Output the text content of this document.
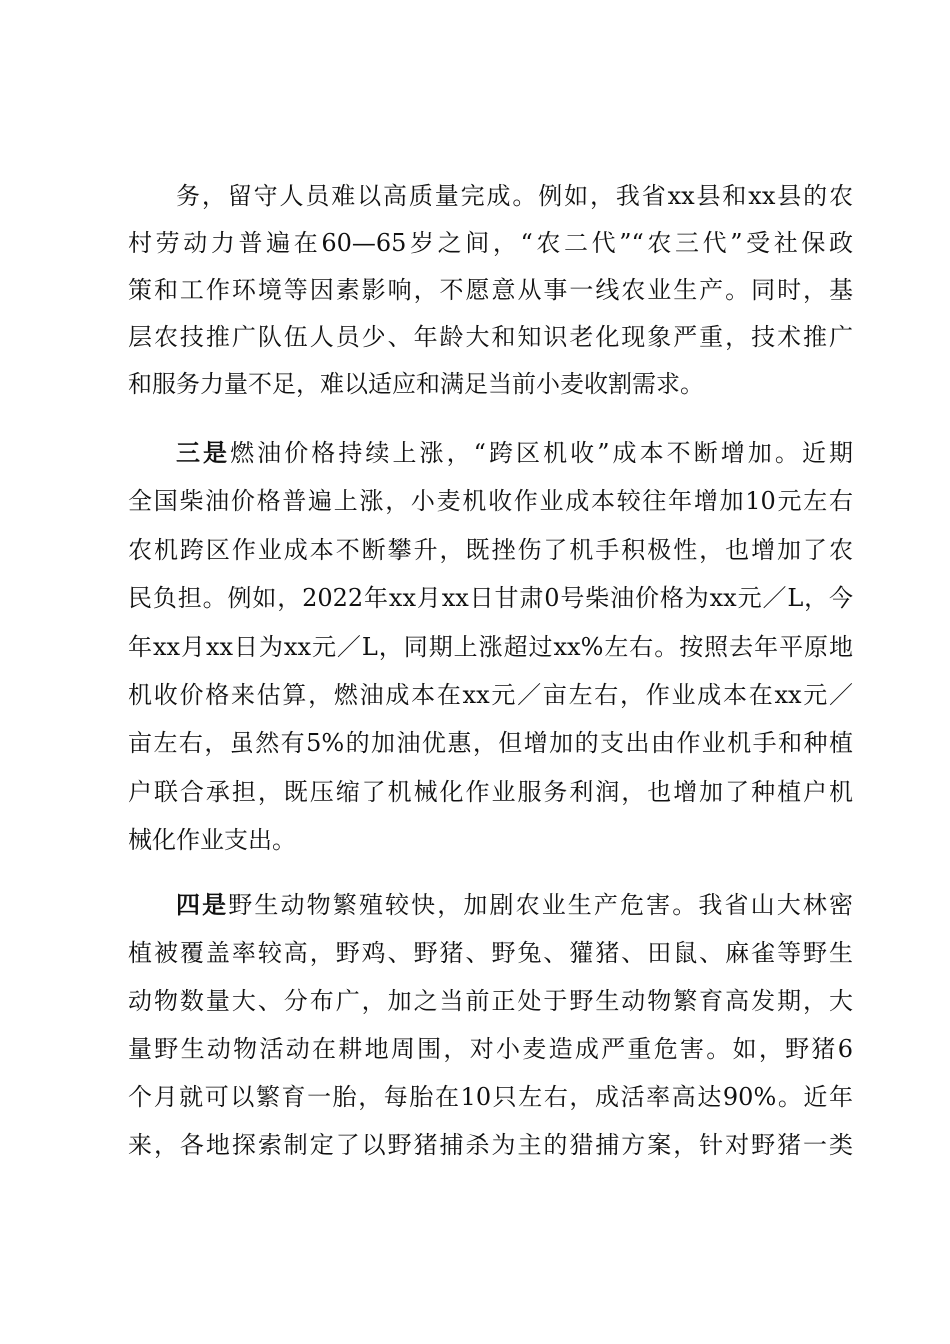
务，留守人员难以高质量完成。例如，我省xx县和xx县的农
村劳动力普遍在60—65岁之间，“农二代”“农三代”受社保政
策和工作环境等因素影响，不愿意从事一线农业生产。同时，基
层农技推广队伍人员少、年龄大和知识老化现象严重，技术推广
和服务力量不足，难以适应和满足当前小麦收割需求。
三是燃油价格持续上涨，“跨区机收”成本不断增加。近期
全国柴油价格普遍上涨，小麦机收作业成本较往年增加10元左右
农机跨区作业成本不断攀升，既挫伤了机手积极性，也增加了农
民负担。例如，2022年xx月xx日甘肃0号柴油价格为xx元／L，今
年xx月xx日为xx元／L，同期上涨超过xx%左右。按照去年平原地
机收价格来估算，燃油成本在xx元／亩左右，作业成本在xx元／
亩左右，虽然有5%的加油优惠，但增加的支出由作业机手和种植
户联合承担，既压缩了机械化作业服务利润，也增加了种植户机
械化作业支出。
四是野生动物繁殖较快，加剧农业生产危害。我省山大林密
植被覆盖率较高，野鸡、野猪、野兔、獾猪、田鼠、麻雀等野生
动物数量大、分布广，加之当前正处于野生动物繁育高发期，大
量野生动物活动在耕地周围，对小麦造成严重危害。如，野猪6
个月就可以繁育一胎，每胎在10只左右，成活率高达90%。近年
来，各地探索制定了以野猪捕杀为主的猎捕方案，针对野猪一类
